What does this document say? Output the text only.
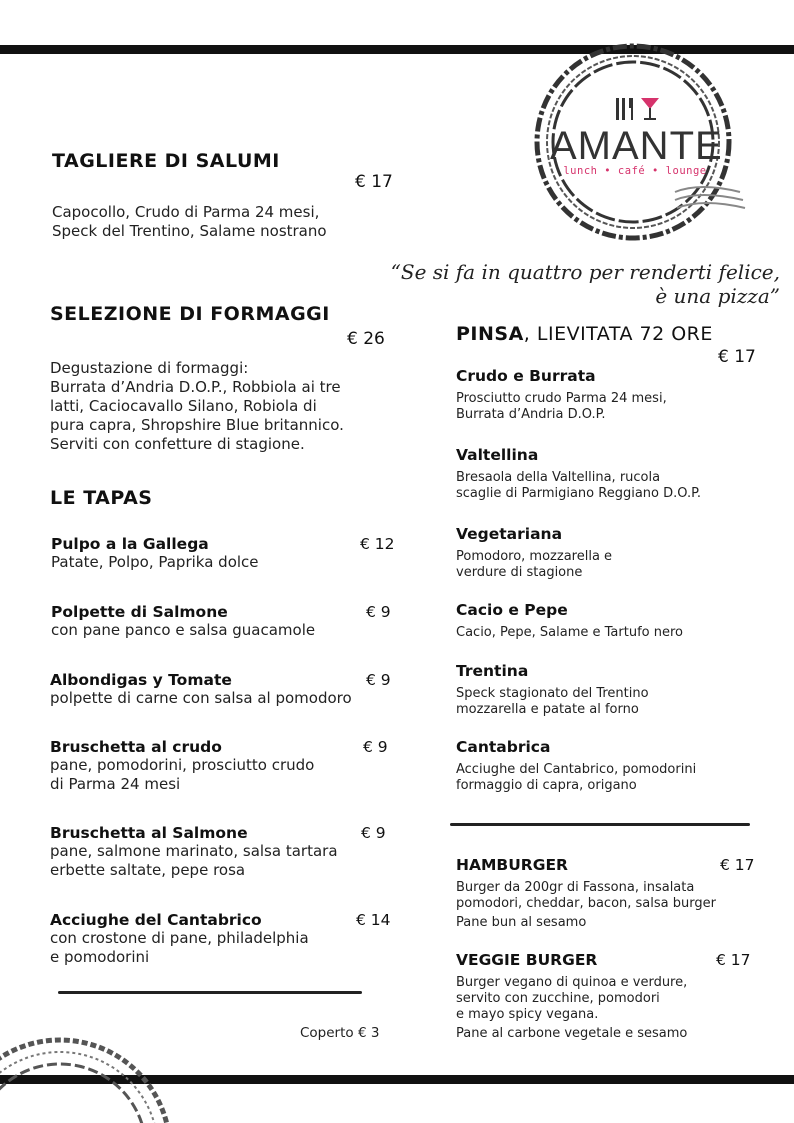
AMANTE
lunch • café • lounge
“Se si fa in quattro per renderti felice,
è una pizza”
TAGLIERE DI SALUMI
€ 17
Capocollo, Crudo di Parma 24 mesi,
Speck del Trentino, Salame nostrano
SELEZIONE DI FORMAGGI
€ 26
Degustazione di formaggi:
Burrata d’Andria D.O.P., Robbiola ai tre
latti, Caciocavallo Silano, Robiola di
pura capra, Shropshire Blue britannico.
Serviti con confetture di stagione.
LE TAPAS
Pulpo a la Gallega	€ 12
Patate, Polpo, Paprika dolce
Polpette di Salmone	€ 9
con pane panco e salsa guacamole
Albondigas y Tomate	€ 9
polpette di carne con salsa al pomodoro
Bruschetta al crudo	€ 9
pane, pomodorini, prosciutto crudo
di Parma 24 mesi
Bruschetta al Salmone	€ 9
pane, salmone marinato, salsa tartara
erbette saltate, pepe rosa
Acciughe del Cantabrico	€ 14
con crostone di pane, philadelphia
e pomodorini
Coperto € 3
PINSA, LIEVITATA 72 ORE
€ 17
Crudo e Burrata
Prosciutto crudo Parma 24 mesi,
Burrata d’Andria D.O.P.
Valtellina
Bresaola della Valtellina, rucola
scaglie di Parmigiano Reggiano D.O.P.
Vegetariana
Pomodoro, mozzarella e
verdure di stagione
Cacio e Pepe
Cacio, Pepe, Salame e Tartufo nero
Trentina
Speck stagionato del Trentino
mozzarella e patate al forno
Cantabrica
Acciughe del Cantabrico, pomodorini
formaggio di capra, origano
HAMBURGER	€ 17
Burger da 200gr di Fassona, insalata
pomodori, cheddar, bacon, salsa burger
Pane bun al sesamo
VEGGIE BURGER	€ 17
Burger vegano di quinoa e verdure,
servito con zucchine, pomodori
e mayo spicy vegana.
Pane al carbone vegetale e sesamo
